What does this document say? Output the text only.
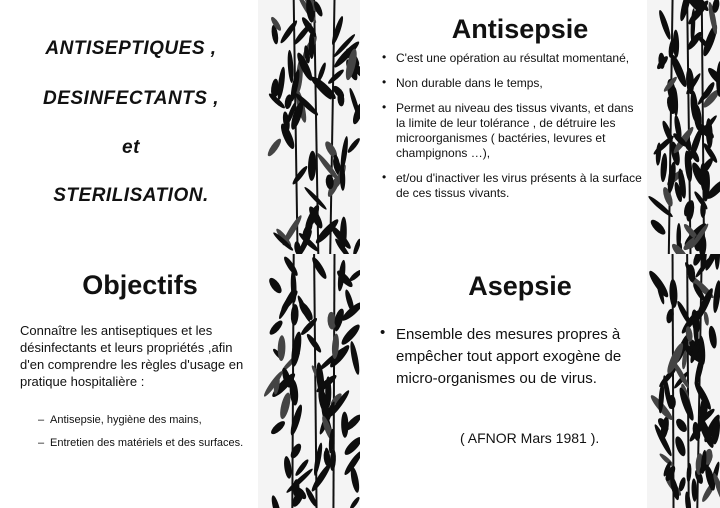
ANTISEPTIQUES ,
DESINFECTANTS ,
et
STERILISATION.
Antisepsie
• C'est une opération au résultat momentané,
• Non durable dans le temps,
• Permet au niveau des tissus vivants, et dans la limite de leur tolérance , de détruire les microorganismes ( bactéries, levures et champignons …),
• et/ou d'inactiver les virus présents à la surface de ces tissus vivants.
Objectifs
Connaître les antiseptiques et les désinfectants et leurs propriétés ,afin d'en comprendre les règles d'usage en pratique hospitalière :
– Antisepsie, hygiène des mains,
– Entretien des matériels et des surfaces.
Asepsie
• Ensemble des mesures propres à empêcher tout apport exogène de micro-organismes ou de virus.
( AFNOR Mars 1981 ).
